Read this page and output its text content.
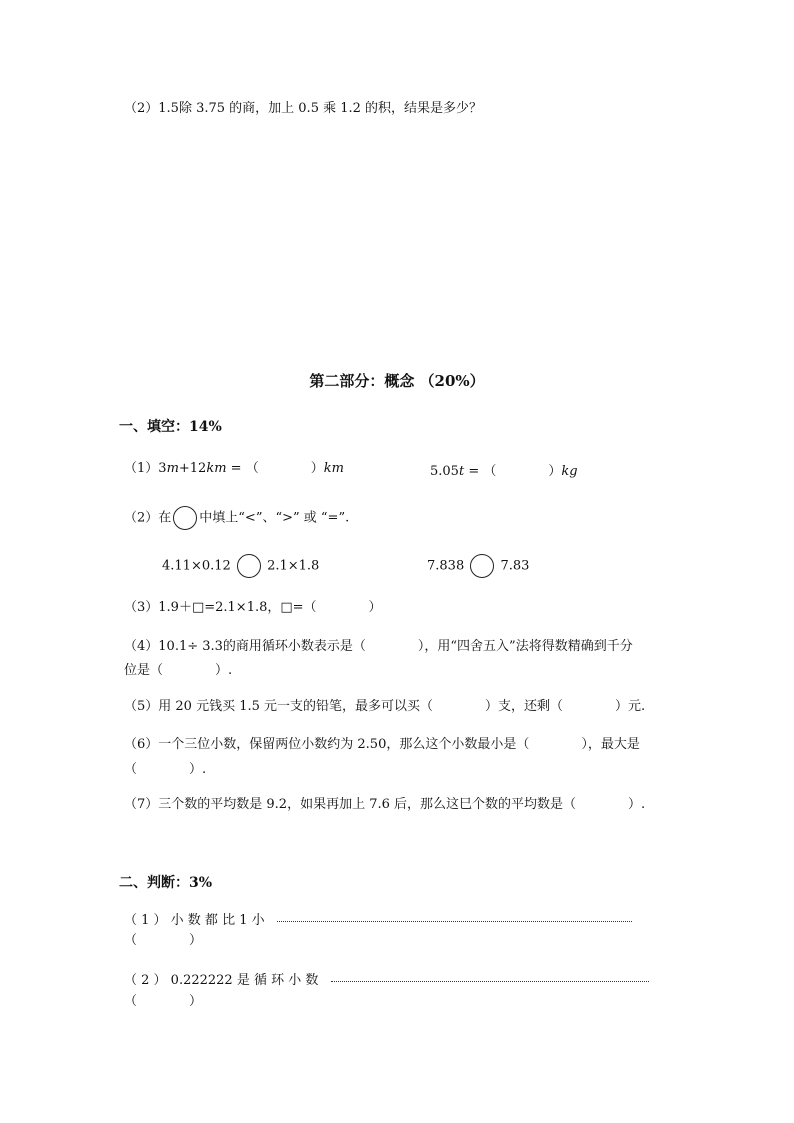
（2）1.5除 3.75 的商，加上 0.5 乘 1.2 的积，结果是多少？
第二部分：概念 （20%）
一、填空：14%
（1）3m+12km = （　　　　）km	5.05t = （　　　　）kg
（2）在 中填上“<”、“>” 或 “=”.
4.11×0.12	2.1×1.8	7.838	7.83
（3）1.9＋□=2.1×1.8，□=（　　　　）
（4）10.1÷ 3.3的商用循环小数表示是（　　　　），用“四舍五入”法将得数精确到千分
位是（　　　　）.
（5）用 20 元钱买 1.5 元一支的铅笔，最多可以买（　　　　）支，还剩（　　　　）元.
（6）一个三位小数，保留两位小数约为 2.50，那么这个小数最小是（　　　　），最大是
（　　　　）.
（7）三个数的平均数是 9.2，如果再加上 7.6 后，那么这巳个数的平均数是（　　　　）.
二、判断：3%
（ 1 ） 小 数 都 比 1 小
（　　　　）
（ 2 ） 0.222222 是 循 环 小 数
（　　　　）
